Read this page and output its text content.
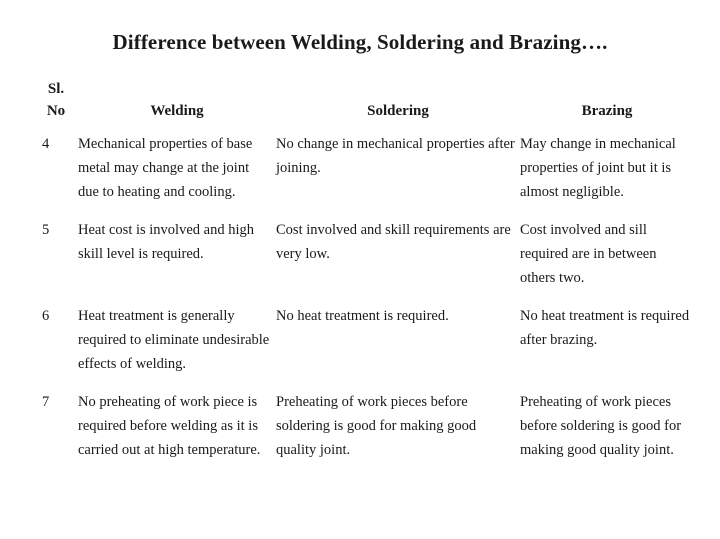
Difference between Welding, Soldering and Brazing….
Sl.
No	Welding	Soldering	Brazing
4	Mechanical properties of base metal may change at the joint due to heating and cooling.	No change in mechanical properties after joining.	May change in mechanical properties of joint but it is almost negligible.
5	Heat cost is involved and high skill level is required.	Cost involved and skill requirements are very low.	Cost involved and sill required are in between others two.
6	Heat treatment is generally required to eliminate undesirable effects of welding.	No heat treatment is required.	No heat treatment is required after brazing.
7	No preheating of work piece is required before welding as it is carried out at high temperature.	Preheating of work pieces before soldering is good for making good quality joint.	Preheating of work pieces before soldering is good for making good quality joint.
